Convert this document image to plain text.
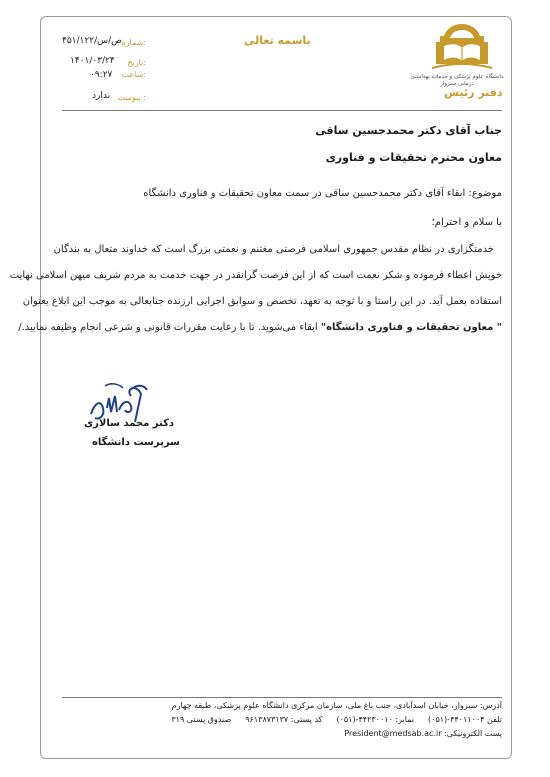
شماره:
۴۵۱/ص/س/۱۲۲
تاریخ:
۱۴۰۱/۰۳/۲۴
ساعت:
۰۹:۲۷
پیوست :
ندارد
باسمه تعالی
دانشگاه علوم پزشکی و خدمات بهداشتی درمانی سبزوار
دفتر رئیس
جناب آقای دکتر محمدحسین ساقی
معاون محترم تحقیقات و فناوری
موضوع: ابقاء آقای دکتر محمدحسین ساقی در سمت معاون تحقیقات و فناوری دانشگاه
با سلام و احترام؛
خدمتگزاری در نظام مقدس جمهوری اسلامی فرصتی مغتنم و نعمتی بزرگ است که خداوند متعال به بندگان
خویش اعطاء فرموده و شکر نعمت است که از این فرصت گرانقدر در جهت خدمت به مردم شریف میهن اسلامی نهایت
استفاده بعمل آید. در این راستا و با توجه به تعهد، تخصص و سوابق اجرایی ارزنده جنابعالی به موجب این ابلاغ بعنوان
" معاون تحقیقات و فناوری دانشگاه" ابقاء می‌شوید. تا با رعایت مقررات قانونی و شرعی انجام وظیفه نمایید./
دکتر محمد سالاری
سرپرست دانشگاه
آدرس: سبزوار، خیابان اسدآبادی، جنب باغ ملی، سازمان مرکزی دانشگاه علوم پزشکی، طبقه چهارم
تلفن ۴۴۰۱۱۰۰۴-(۰۵۱)
نمابر: ۴۴۲۳۰۰۱۰-(۰۵۱)
کد پستی: ۹۶۱۳۸۷۳۱۳۷
صندوق پستی ۳۱۹
پست الکترونیکی: President@medsab.ac.ir
